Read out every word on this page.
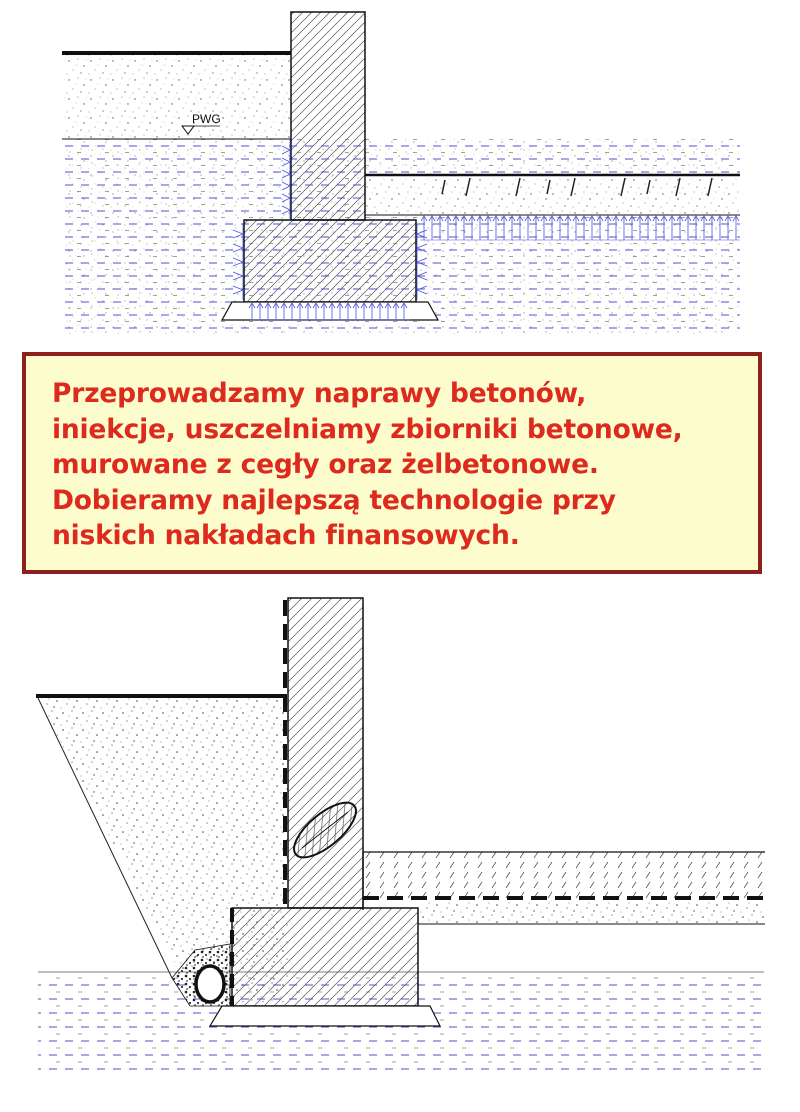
PWG
Przeprowadzamy naprawy betonów,
iniekcje, uszczelniamy zbiorniki betonowe,
murowane z cegły oraz żelbetonowe.
Dobieramy najlepszą technologie przy
niskich nakładach finansowych.
